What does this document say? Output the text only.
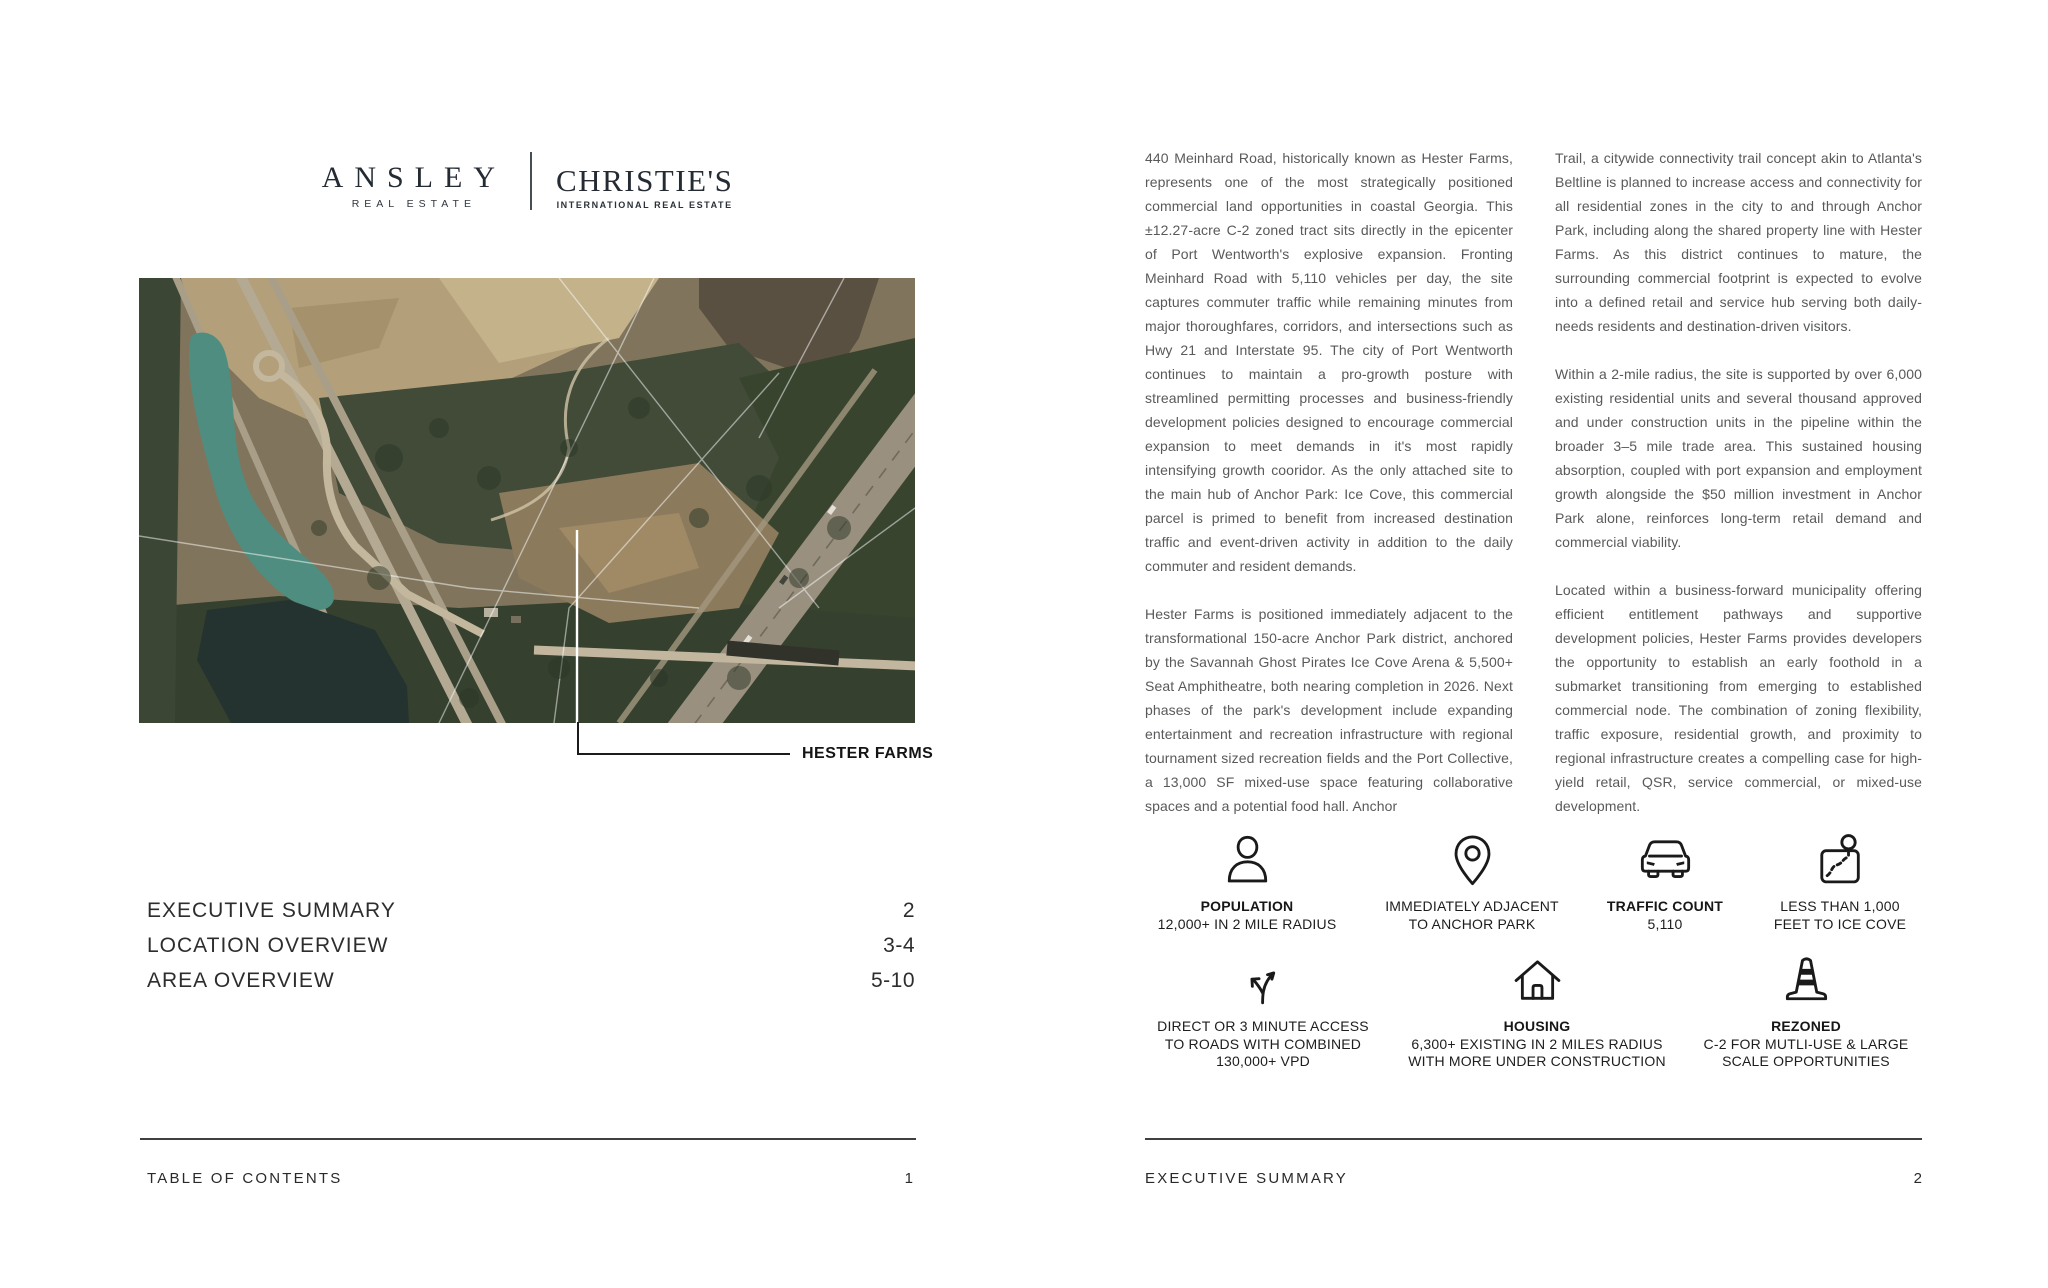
ANSLEY
REAL ESTATE
CHRISTIE'S
INTERNATIONAL REAL ESTATE
HESTER FARMS
EXECUTIVE SUMMARY	2
LOCATION OVERVIEW	3-4
AREA OVERVIEW	5-10
TABLE OF CONTENTS	1

440 Meinhard Road, historically known as Hester Farms, represents one of the most strategically positioned commercial land opportunities in coastal Georgia. This ±12.27-acre C-2 zoned tract sits directly in the epicenter of Port Wentworth's explosive expansion. Fronting Meinhard Road with 5,110 vehicles per day, the site captures commuter traffic while remaining minutes from major thoroughfares, corridors, and intersections such as Hwy 21 and Interstate 95. The city of Port Wentworth continues to maintain a pro-growth posture with streamlined permitting processes and business-friendly development policies designed to encourage commercial expansion to meet demands in it's most rapidly intensifying growth cooridor. As the only attached site to the main hub of Anchor Park: Ice Cove, this commercial parcel is primed to benefit from increased destination traffic and event-driven activity in addition to the daily commuter and resident demands.

Hester Farms is positioned immediately adjacent to the transformational 150-acre Anchor Park district, anchored by the Savannah Ghost Pirates Ice Cove Arena & 5,500+ Seat Amphitheatre, both nearing completion in 2026. Next phases of the park's development include expanding entertainment and recreation infrastructure with regional tournament sized recreation fields and the Port Collective, a 13,000 SF mixed-use space featuring collaborative spaces and a potential food hall. Anchor

Trail, a citywide connectivity trail concept akin to Atlanta's Beltline is planned to increase access and connectivity for all residential zones in the city to and through Anchor Park, including along the shared property line with Hester Farms. As this district continues to mature, the surrounding commercial footprint is expected to evolve into a defined retail and service hub serving both daily-needs residents and destination-driven visitors.

Within a 2-mile radius, the site is supported by over 6,000 existing residential units and several thousand approved and under construction units in the pipeline within the broader 3–5 mile trade area. This sustained housing absorption, coupled with port expansion and employment growth alongside the $50 million investment in Anchor Park alone, reinforces long-term retail demand and commercial viability.

Located within a business-forward municipality offering efficient entitlement pathways and supportive development policies, Hester Farms provides developers the opportunity to establish an early foothold in a submarket transitioning from emerging to established commercial node. The combination of zoning flexibility, traffic exposure, residential growth, and proximity to regional infrastructure creates a compelling case for high-yield retail, QSR, service commercial, or mixed-use development.

POPULATION
12,000+ IN 2 MILE RADIUS
IMMEDIATELY ADJACENT
TO ANCHOR PARK
TRAFFIC COUNT
5,110
LESS THAN 1,000
FEET TO ICE COVE
DIRECT OR 3 MINUTE ACCESS
TO ROADS WITH COMBINED
130,000+ VPD
HOUSING
6,300+ EXISTING IN 2 MILES RADIUS
WITH MORE UNDER CONSTRUCTION
REZONED
C-2 FOR MUTLI-USE & LARGE
SCALE OPPORTUNITIES
EXECUTIVE SUMMARY	2
